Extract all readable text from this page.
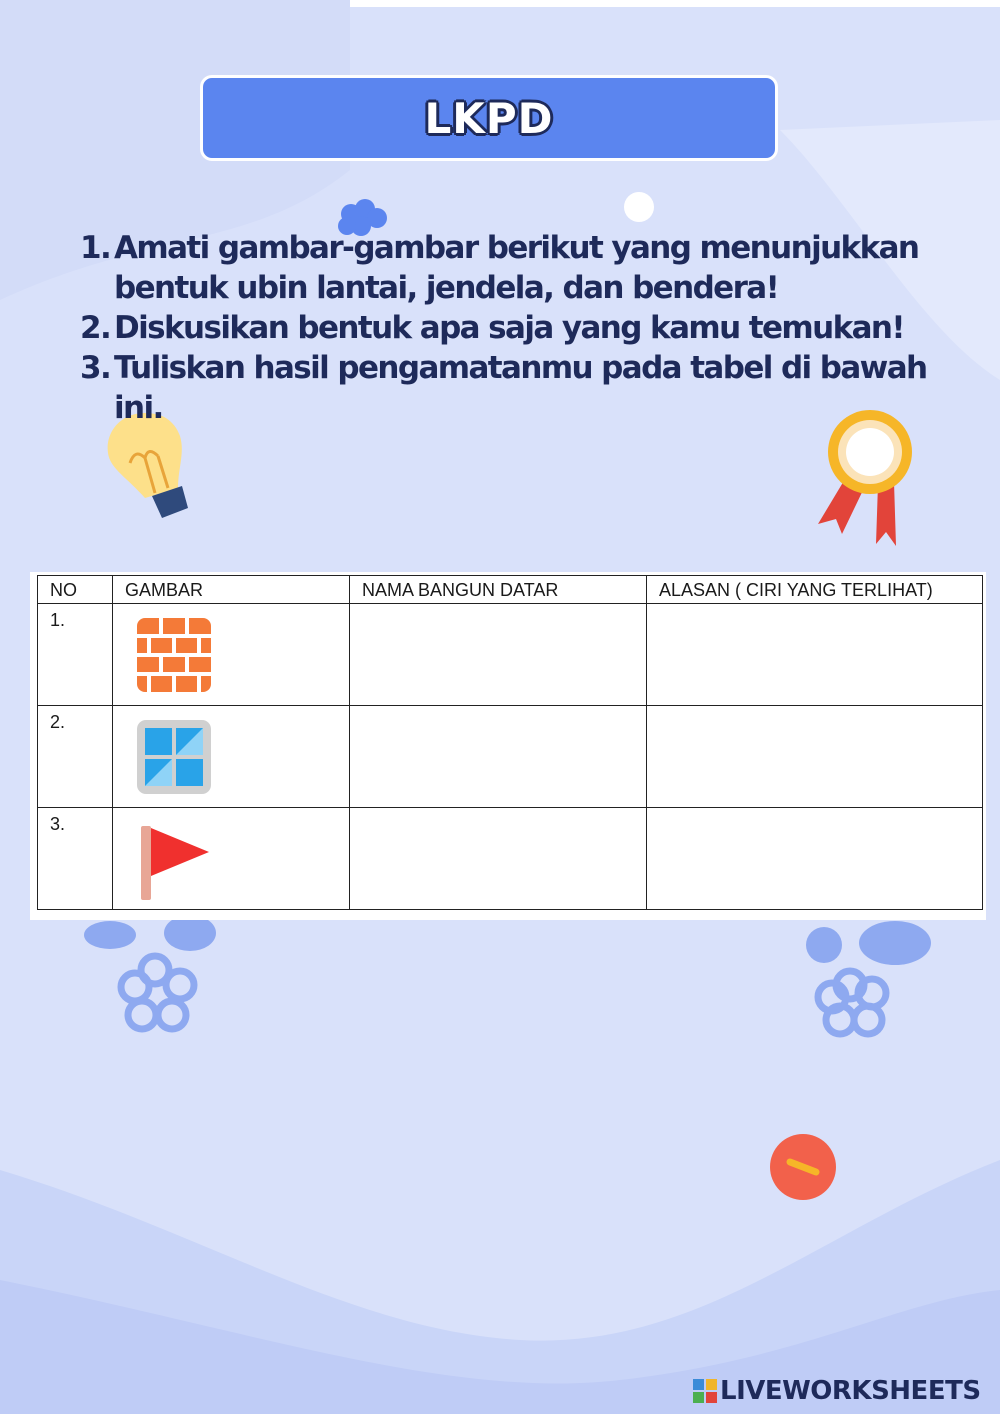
LKPD
1. Amati gambar-gambar berikut yang menunjukkan bentuk ubin lantai, jendela, dan bendera!
2. Diskusikan bentuk apa saja yang kamu temukan!
3. Tuliskan hasil pengamatanmu pada tabel di bawah ini.
NO	GAMBAR	NAMA BANGUN DATAR	ALASAN ( CIRI YANG TERLIHAT)
1.	

2.	

3.	

LIVEWORKSHEETS
